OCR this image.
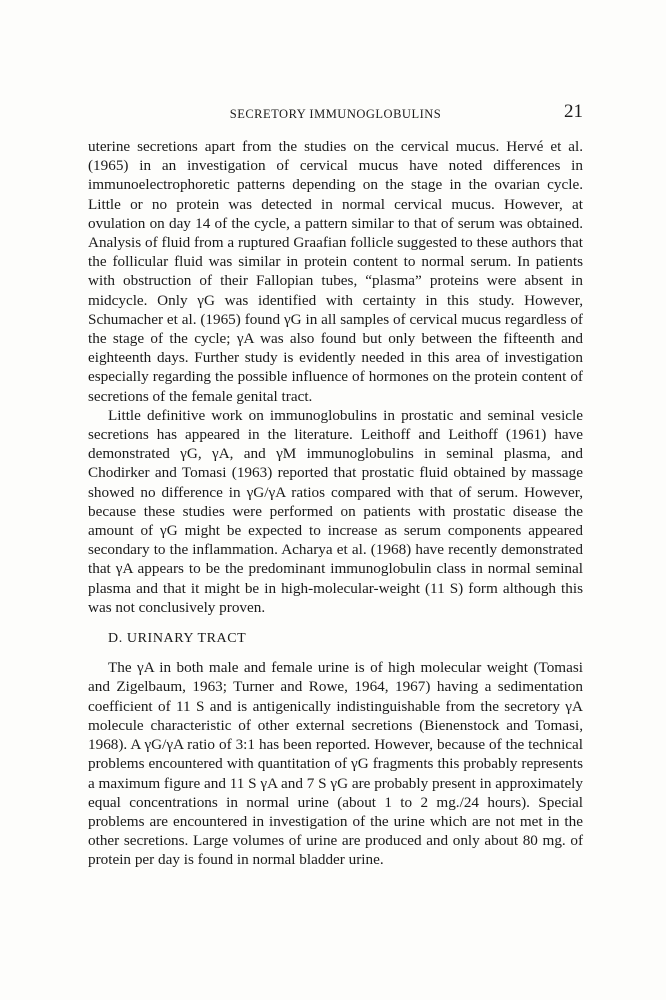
SECRETORY IMMUNOGLOBULINS	21

uterine secretions apart from the studies on the cervical mucus. Hervé et al. (1965) in an investigation of cervical mucus have noted differences in immunoelectrophoretic patterns depending on the stage in the ovarian cycle. Little or no protein was detected in normal cervical mucus. However, at ovulation on day 14 of the cycle, a pattern similar to that of serum was obtained. Analysis of fluid from a ruptured Graafian follicle suggested to these authors that the follicular fluid was similar in protein content to normal serum. In patients with obstruction of their Fallopian tubes, “plasma” proteins were absent in midcycle. Only γG was identified with certainty in this study. However, Schumacher et al. (1965) found γG in all samples of cervical mucus regardless of the stage of the cycle; γA was also found but only between the fifteenth and eighteenth days. Further study is evidently needed in this area of investigation especially regarding the possible influence of hormones on the protein content of secretions of the female genital tract.

Little definitive work on immunoglobulins in prostatic and seminal vesicle secretions has appeared in the literature. Leithoff and Leithoff (1961) have demonstrated γG, γA, and γM immunoglobulins in seminal plasma, and Chodirker and Tomasi (1963) reported that prostatic fluid obtained by massage showed no difference in γG/γA ratios compared with that of serum. However, because these studies were performed on patients with prostatic disease the amount of γG might be expected to increase as serum components appeared secondary to the inflammation. Acharya et al. (1968) have recently demonstrated that γA appears to be the predominant immunoglobulin class in normal seminal plasma and that it might be in high-molecular-weight (11 S) form although this was not conclusively proven.

D. URINARY TRACT

The γA in both male and female urine is of high molecular weight (Tomasi and Zigelbaum, 1963; Turner and Rowe, 1964, 1967) having a sedimentation coefficient of 11 S and is antigenically indistinguishable from the secretory γA molecule characteristic of other external secretions (Bienenstock and Tomasi, 1968). A γG/γA ratio of 3:1 has been reported. However, because of the technical problems encountered with quantitation of γG fragments this probably represents a maximum figure and 11 S γA and 7 S γG are probably present in approximately equal concentrations in normal urine (about 1 to 2 mg./24 hours). Special problems are encountered in investigation of the urine which are not met in the other secretions. Large volumes of urine are produced and only about 80 mg. of protein per day is found in normal bladder urine.
